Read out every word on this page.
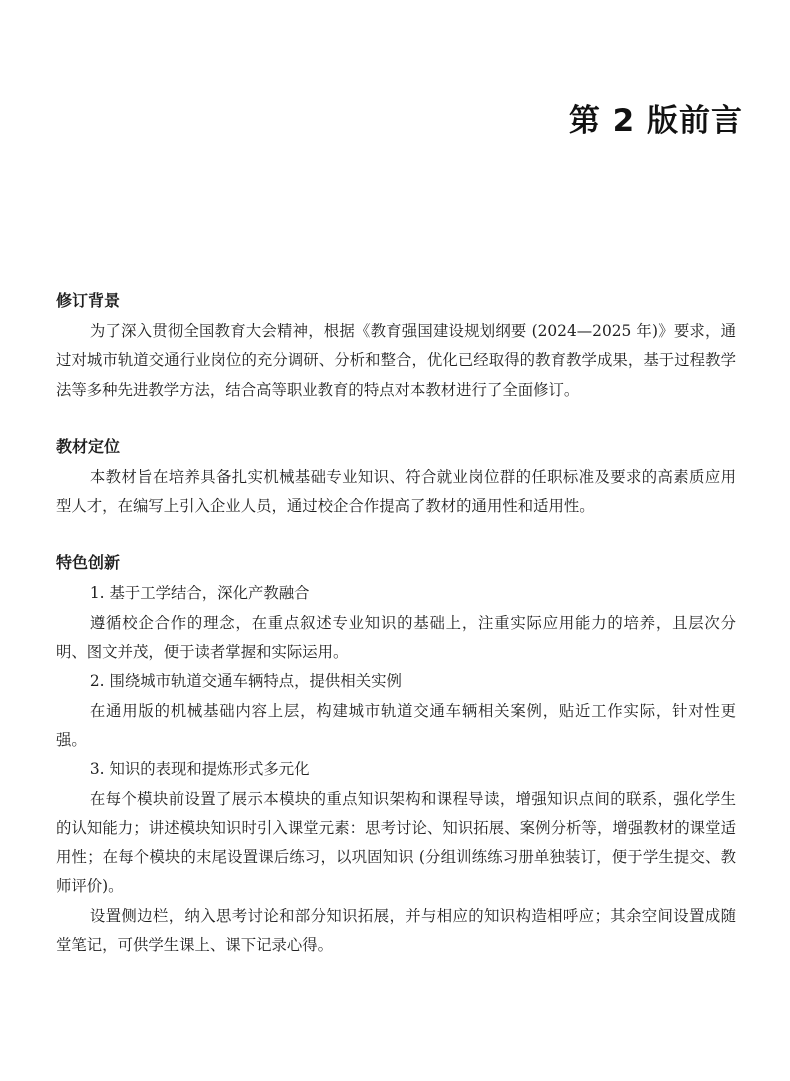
第 2 版前言
修订背景

为了深入贯彻全国教育大会精神，根据《教育强国建设规划纲要 (2024—2025 年)》要求，通过对城市轨道交通行业岗位的充分调研、分析和整合，优化已经取得的教育教学成果，基于过程教学法等多种先进教学方法，结合高等职业教育的特点对本教材进行了全面修订。

教材定位

本教材旨在培养具备扎实机械基础专业知识、符合就业岗位群的任职标准及要求的高素质应用型人才，在编写上引入企业人员，通过校企合作提高了教材的通用性和适用性。

特色创新
1. 基于工学结合，深化产教融合

遵循校企合作的理念，在重点叙述专业知识的基础上，注重实际应用能力的培养，且层次分明、图文并茂，便于读者掌握和实际运用。

2. 围绕城市轨道交通车辆特点，提供相关实例

在通用版的机械基础内容上层，构建城市轨道交通车辆相关案例，贴近工作实际，针对性更强。

3. 知识的表现和提炼形式多元化

在每个模块前设置了展示本模块的重点知识架构和课程导读，增强知识点间的联系，强化学生的认知能力；讲述模块知识时引入课堂元素：思考讨论、知识拓展、案例分析等，增强教材的课堂适用性；在每个模块的末尾设置课后练习，以巩固知识 (分组训练练习册单独装订，便于学生提交、教师评价)。

设置侧边栏，纳入思考讨论和部分知识拓展，并与相应的知识构造相呼应；其余空间设置成随堂笔记，可供学生课上、课下记录心得。
